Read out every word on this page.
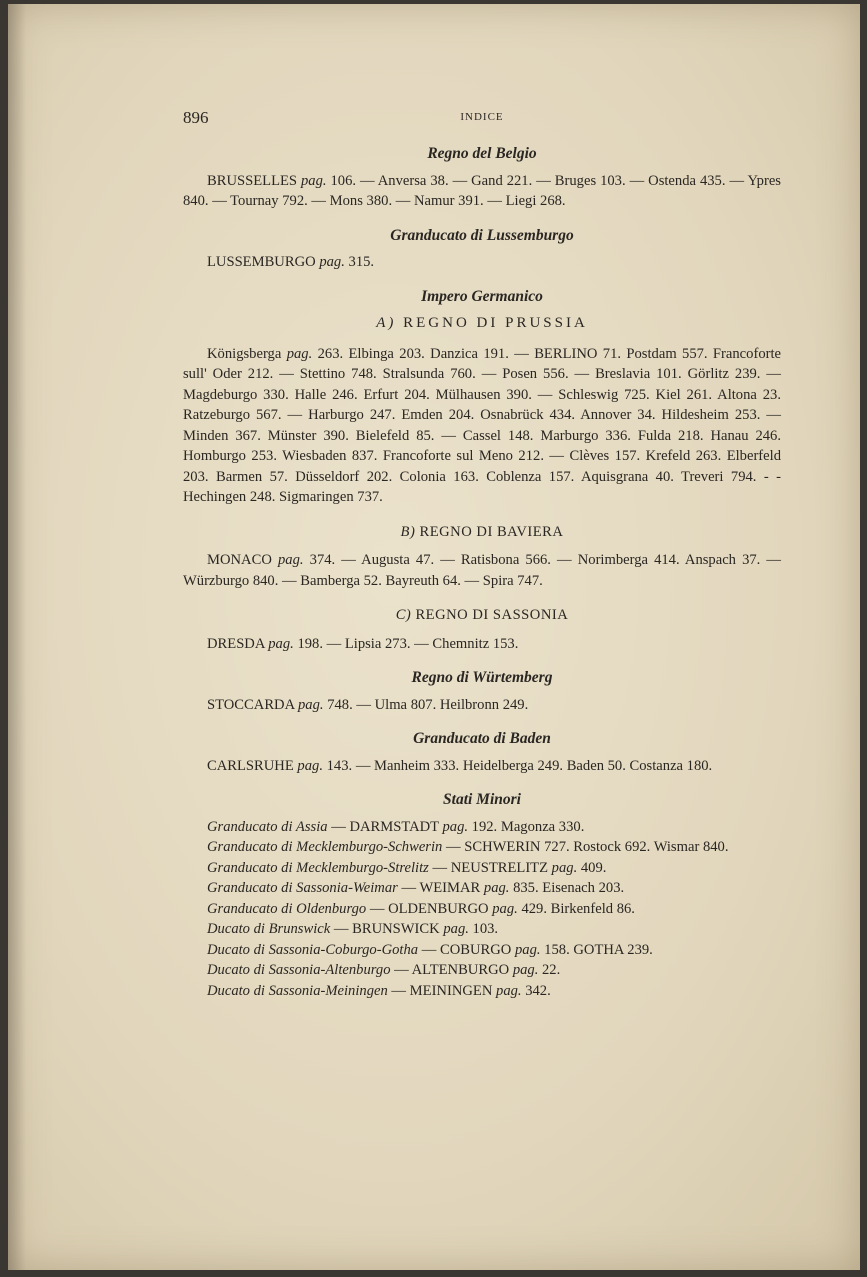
896	INDICE
Regno del Belgio

BRUSSELLES pag. 106. — Anversa 38. — Gand 221. — Bruges 103. — Ostenda 435. — Ypres 840. — Tournay 792. — Mons 380. — Namur 391. — Liegi 268.

Granducato di Lussemburgo

LUSSEMBURGO pag. 315.

Impero Germanico
A) REGNO DI PRUSSIA

Königsberga pag. 263. Elbinga 203. Danzica 191. — BERLINO 71. Postdam 557. Francoforte sull' Oder 212. — Stettino 748. Stralsunda 760. — Posen 556. — Breslavia 101. Görlitz 239. — Magdeburgo 330. Halle 246. Erfurt 204. Mülhausen 390. — Schleswig 725. Kiel 261. Altona 23. Ratzeburgo 567. — Harburgo 247. Emden 204. Osnabrück 434. Annover 34. Hildesheim 253. — Minden 367. Münster 390. Bielefeld 85. — Cassel 148. Marburgo 336. Fulda 218. Hanau 246. Homburgo 253. Wiesbaden 837. Francoforte sul Meno 212. — Clèves 157. Krefeld 263. Elberfeld 203. Barmen 57. Düsseldorf 202. Colonia 163. Coblenza 157. Aquisgrana 40. Treveri 794. - - Hechingen 248. Sigmaringen 737.

B) REGNO DI BAVIERA

MONACO pag. 374. — Augusta 47. — Ratisbona 566. — Norimberga 414. Anspach 37. — Würzburgo 840. — Bamberga 52. Bayreuth 64. — Spira 747.

C) REGNO DI SASSONIA

DRESDA pag. 198. — Lipsia 273. — Chemnitz 153.

Regno di Würtemberg

STOCCARDA pag. 748. — Ulma 807. Heilbronn 249.

Granducato di Baden

CARLSRUHE pag. 143. — Manheim 333. Heidelberga 249. Baden 50. Costanza 180.

Stati Minori

Granducato di Assia — DARMSTADT pag. 192. Magonza 330.

Granducato di Mecklemburgo-Schwerin — SCHWERIN 727. Rostock 692. Wismar 840.

Granducato di Mecklemburgo-Strelitz — NEUSTRELITZ pag. 409.

Granducato di Sassonia-Weimar — WEIMAR pag. 835. Eisenach 203.

Granducato di Oldenburgo — OLDENBURGO pag. 429. Birkenfeld 86.

Ducato di Brunswick — BRUNSWICK pag. 103.

Ducato di Sassonia-Coburgo-Gotha — COBURGO pag. 158. GOTHA 239.

Ducato di Sassonia-Altenburgo — ALTENBURGO pag. 22.

Ducato di Sassonia-Meiningen — MEININGEN pag. 342.
